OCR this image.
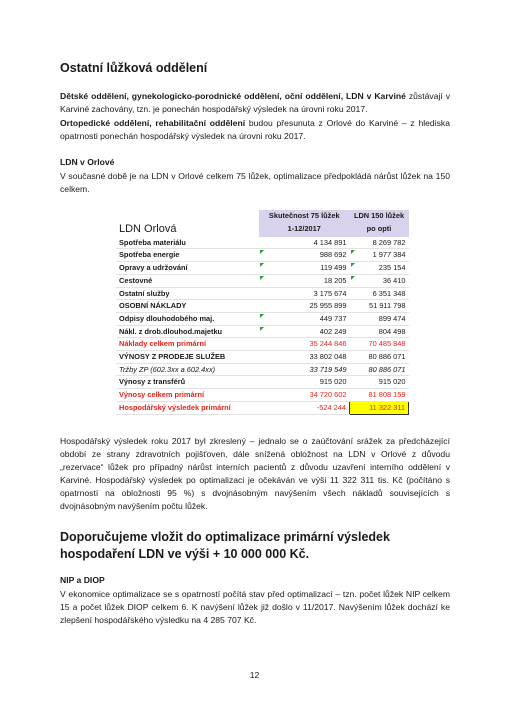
Ostatní lůžková oddělení
Dětské oddělení, gynekologicko-porodnické oddělení, oční oddělení, LDN v Karviné zůstávají v Karviné zachovány, tzn. je ponechán hospodářský výsledek na úrovni roku 2017.
Ortopedické oddělení, rehabilitační oddělení budou přesunuta z Orlové do Karviné – z hlediska opatrnosti ponechán hospodářský výsledek na úrovni roku 2017.
LDN v Orlové
V současné době je na LDN v Orlové celkem 75 lůžek, optimalizace předpokládá nárůst lůžek na 150 celkem.
	Skutečnost 75 lůžek	LDN 150 lůžek
LDN Orlová	1-12/2017	po opti
Spotřeba materiálu	4 134 891	8 269 782
Spotřeba energie	988 692	1 977 384
Opravy a udržování	119 499	235 154
Cestovné	18 205	36 410
Ostatní služby	3 175 674	6 351 348
OSOBNÍ NÁKLADY	25 955 899	51 911 798
Odpisy dlouhodobého maj.	449 737	899 474
Nákl. z drob.dlouhod.majetku	402 249	804 498
Náklady celkem primární	35 244 846	70 485 848
VÝNOSY Z PRODEJE SLUŽEB	33 802 048	80 886 071
Tržby ZP (602.3xx a 602.4xx)	33 719 549	80 886 071
Výnosy z transférů	915 020	915 020
Výnosy celkem primární	34 720 602	81 808 159
Hospodářský výsledek primární	-524 244	11 322 311
Hospodářský výsledek roku 2017 byl zkreslený – jednalo se o zaúčtování srážek za předcházející období ze strany zdravotních pojišťoven, dále snížená obložnost na LDN v Orlové z důvodu „rezervace“ lůžek pro případný nárůst interních pacientů z důvodu uzavření interního oddělení v Karviné. Hospodářský výsledek po optimalizaci je očekáván ve výši 11 322 311 tis. Kč (počítáno s opatrností na obložnosti 95 %) s dvojnásobným navýšením všech nákladů souvisejících s dvojnásobným navýšením počtu lůžek.
Doporučujeme vložit do optimalizace primární výsledek hospodaření LDN ve výši + 10 000 000 Kč.
NIP a DIOP
V ekonomice optimalizace se s opatrností počítá stav před optimalizací – tzn. počet lůžek NIP celkem 15 a počet lůžek DIOP celkem 6. K navýšení lůžek již došlo v 11/2017. Navýšením lůžek dochází ke zlepšení hospodářského výsledku na 4 285 707 Kč.
12
